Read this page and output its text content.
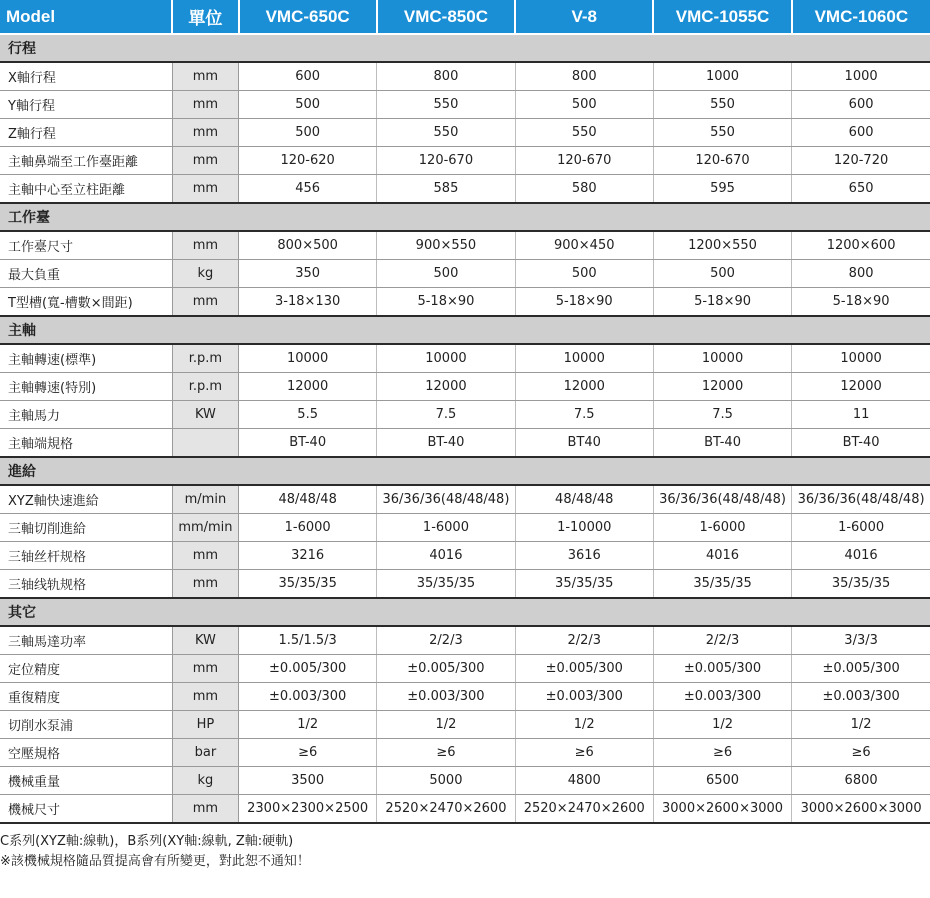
Model	單位	VMC-650C	VMC-850C	V-8	VMC-1055C	VMC-1060C
行程						
X軸行程	mm	600	800	800	1000	1000
Y軸行程	mm	500	550	500	550	600
Z軸行程	mm	500	550	550	550	600
主軸鼻端至工作臺距離	mm	120-620	120-670	120-670	120-670	120-720
主軸中心至立柱距離	mm	456	585	580	595	650
工作臺						
工作臺尺寸	mm	800×500	900×550	900×450	1200×550	1200×600
最大負重	kg	350	500	500	500	800
T型槽(寬-槽數×間距)	mm	3-18×130	5-18×90	5-18×90	5-18×90	5-18×90
主軸						
主軸轉速(標準)	r.p.m	10000	10000	10000	10000	10000
主軸轉速(特別)	r.p.m	12000	12000	12000	12000	12000
主軸馬力	KW	5.5	7.5	7.5	7.5	11
主軸端規格		BT-40	BT-40	BT40	BT-40	BT-40
進給						
XYZ軸快速進給	m/min	48/48/48	36/36/36(48/48/48)	48/48/48	36/36/36(48/48/48)	36/36/36(48/48/48)
三軸切削進給	mm/min	1-6000	1-6000	1-10000	1-6000	1-6000
三轴丝杆规格	mm	3216	4016	3616	4016	4016
三轴线轨规格	mm	35/35/35	35/35/35	35/35/35	35/35/35	35/35/35
其它						
三軸馬達功率	KW	1.5/1.5/3	2/2/3	2/2/3	2/2/3	3/3/3
定位精度	mm	±0.005/300	±0.005/300	±0.005/300	±0.005/300	±0.005/300
重復精度	mm	±0.003/300	±0.003/300	±0.003/300	±0.003/300	±0.003/300
切削水泵浦	HP	1/2	1/2	1/2	1/2	1/2
空壓規格	bar	≥6	≥6	≥6	≥6	≥6
機械重量	kg	3500	5000	4800	6500	6800
機械尺寸	mm	2300×2300×2500	2520×2470×2600	2520×2470×2600	3000×2600×3000	3000×2600×3000
C系列(XYZ軸:線軌)，B系列(XY軸:線軌, Z軸:硬軌)
※該機械規格隨品質提高會有所變更，對此恕不通知！
